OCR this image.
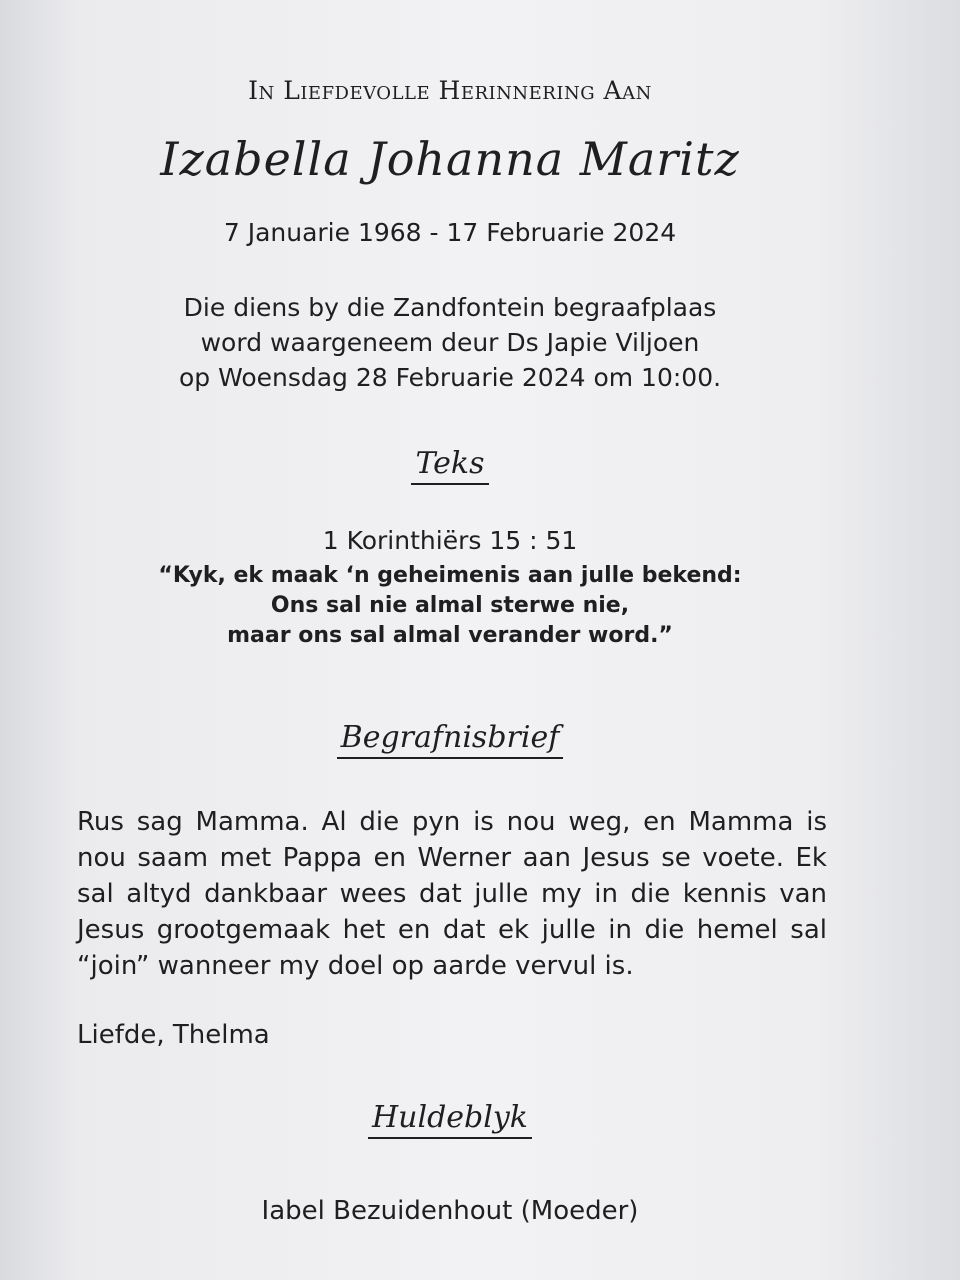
In Liefdevolle Herinnering Aan
Izabella Johanna Maritz
7 Januarie 1968 - 17 Februarie 2024
Die diens by die Zandfontein begraafplaas
word waargeneem deur Ds Japie Viljoen
op Woensdag 28 Februarie 2024 om 10:00.
Teks
1 Korinthiërs 15 : 51
“Kyk, ek maak ‘n geheimenis aan julle bekend:
Ons sal nie almal sterwe nie,
maar ons sal almal verander word.”
Begrafnisbrief
Rus sag Mamma. Al die pyn is nou weg, en Mamma is nou saam met Pappa en Werner aan Jesus se voete. Ek sal altyd dankbaar wees dat julle my in die kennis van Jesus grootgemaak het en dat ek julle in die hemel sal “join” wanneer my doel op aarde vervul is.
Liefde, Thelma
Huldeblyk
Iabel Bezuidenhout (Moeder)
